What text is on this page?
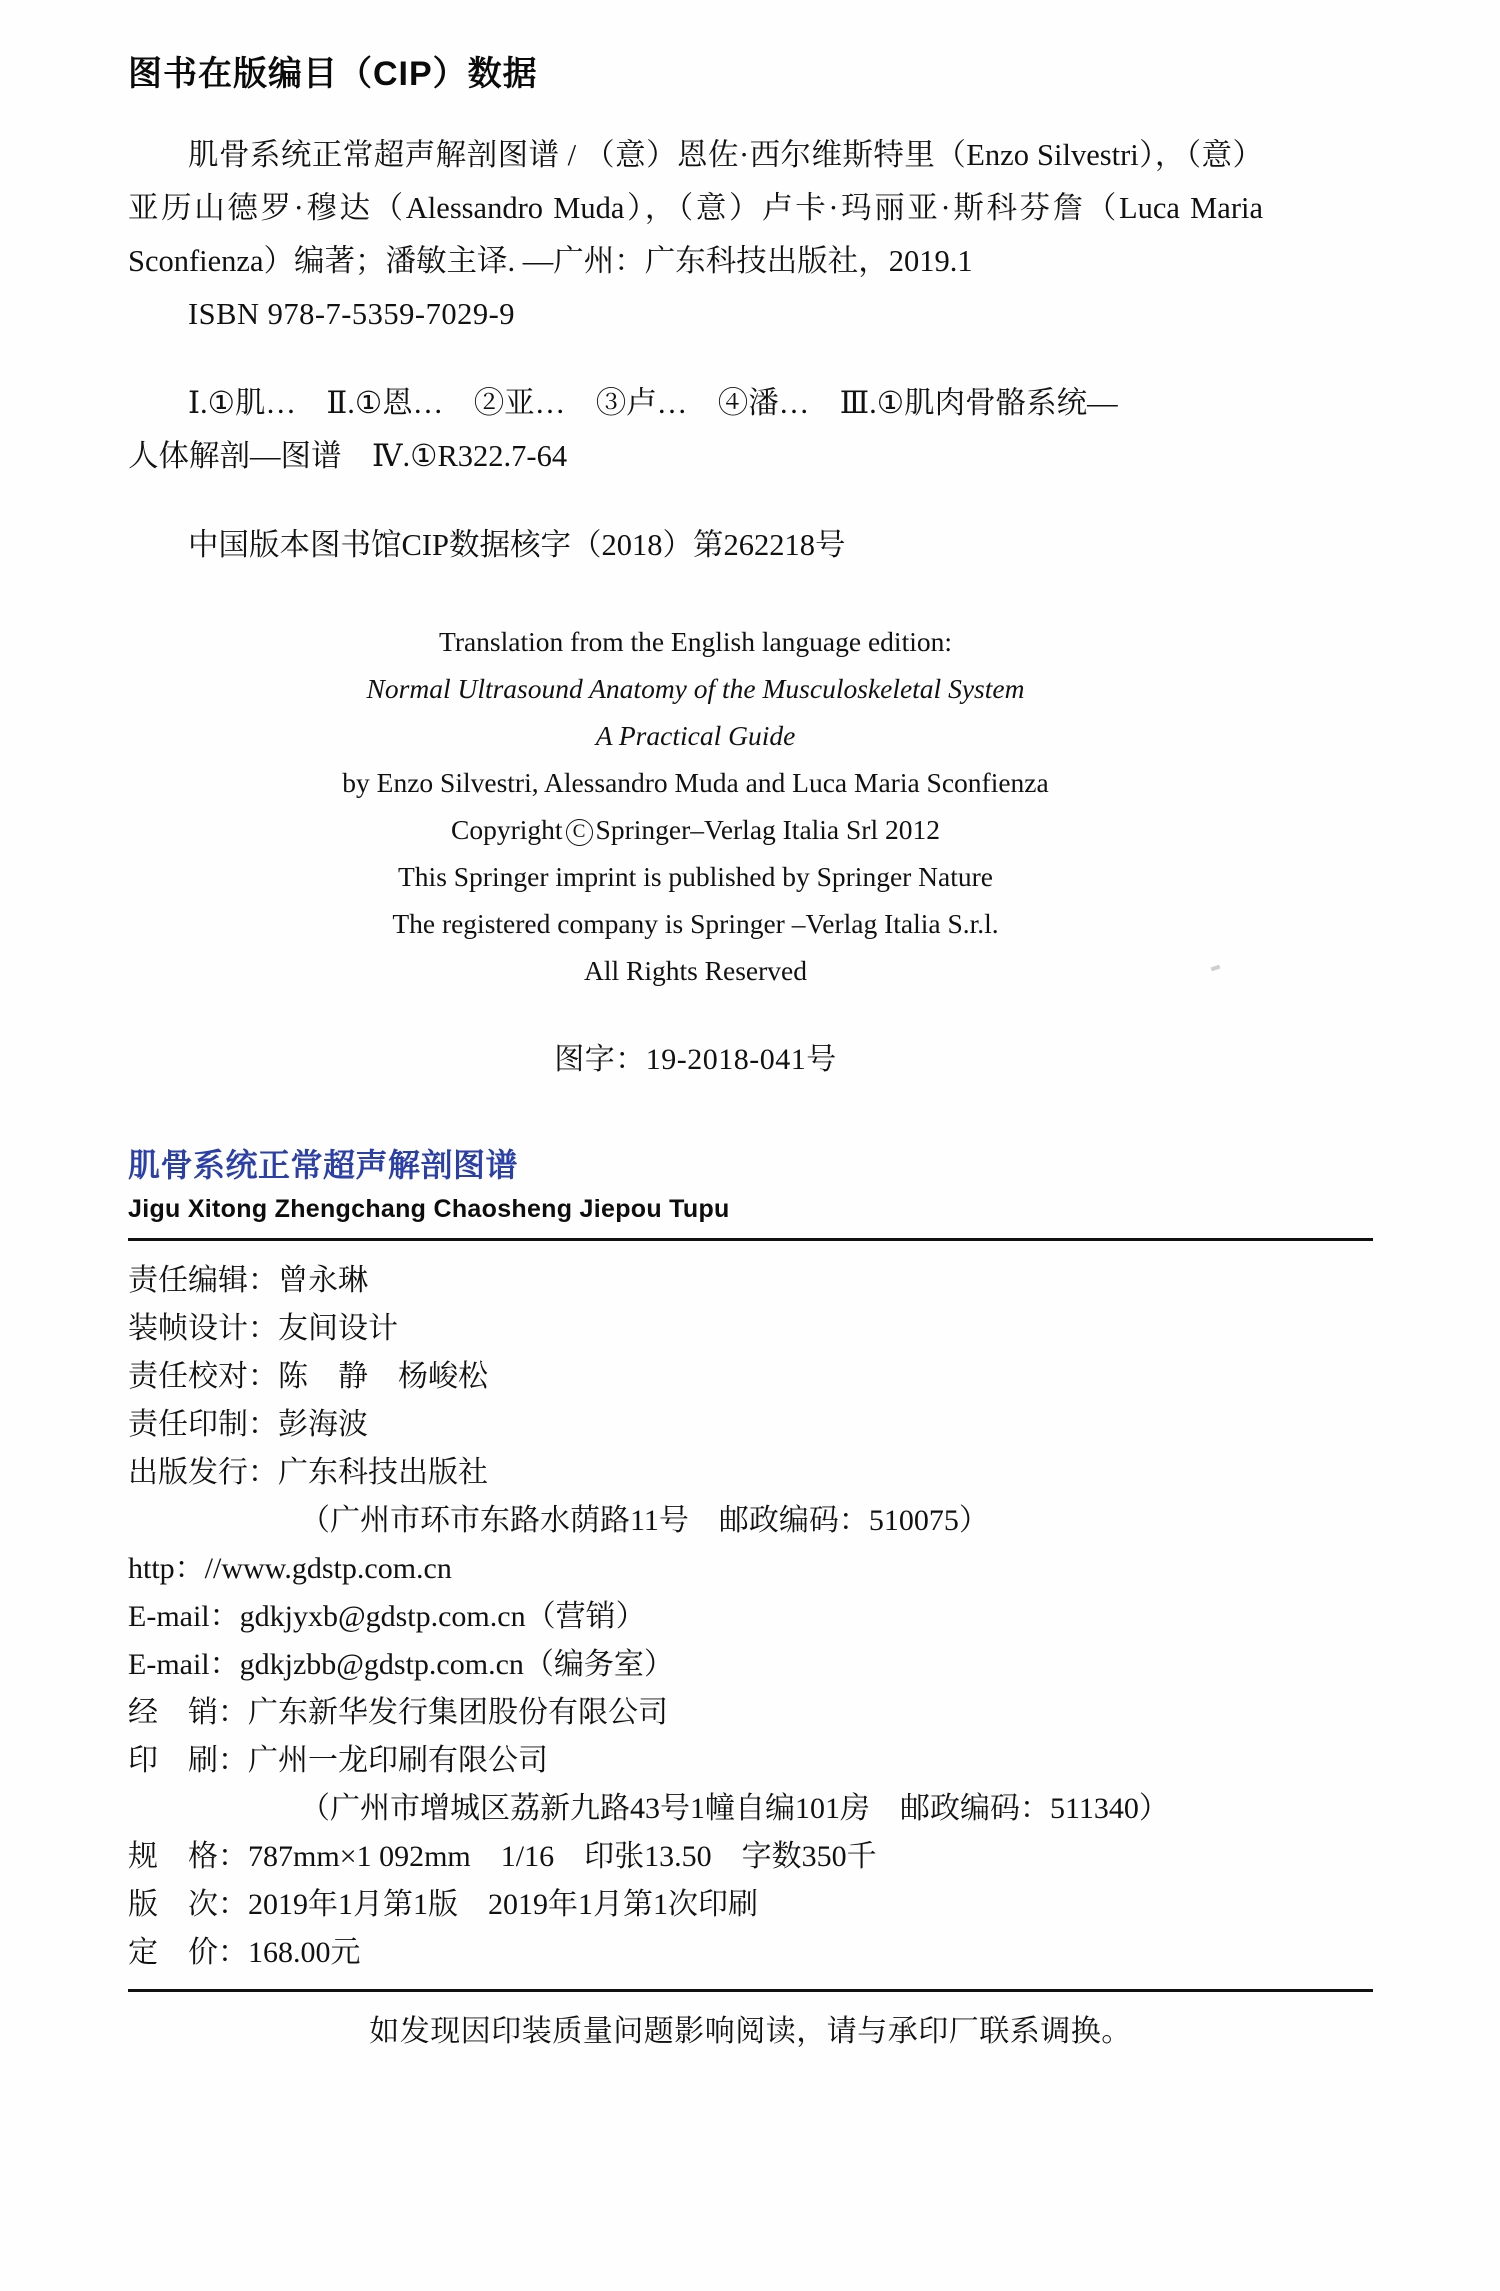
图书在版编目（CIP）数据

肌骨系统正常超声解剖图谱 / （意）恩佐·西尔维斯特里（Enzo Silvestri），（意）亚历山德罗·穆达（Alessandro Muda），（意）卢卡·玛丽亚·斯科芬詹（Luca Maria Sconfienza）编著；潘敏主译. —广州：广东科技出版社，2019.1

ISBN 978-7-5359-7029-9

Ⅰ.①肌…　Ⅱ.①恩…　②亚…　③卢…　④潘…　Ⅲ.①肌肉骨骼系统—

人体解剖—图谱　Ⅳ.①R322.7-64

中国版本图书馆CIP数据核字（2018）第262218号

Translation from the English language edition:
Normal Ultrasound Anatomy of the Musculoskeletal System
A Practical Guide
by Enzo Silvestri, Alessandro Muda and Luca Maria Sconfienza
Copyright C Springer–Verlag Italia Srl 2012
This Springer imprint is published by Springer Nature
The registered company is Springer –Verlag Italia S.r.l.
All Rights Reserved
图字：19-2018-041号
肌骨系统正常超声解剖图谱
Jigu Xitong Zhengchang Chaosheng Jiepou Tupu
责任编辑：曾永琳
装帧设计：友间设计
责任校对：陈　静　杨峻松
责任印制：彭海波
出版发行：广东科技出版社
（广州市环市东路水荫路11号　邮政编码：510075）
http：//www.gdstp.com.cn
E-mail：gdkjyxb@gdstp.com.cn（营销）
E-mail：gdkjzbb@gdstp.com.cn（编务室）
经　销：广东新华发行集团股份有限公司
印　刷：广州一龙印刷有限公司
（广州市增城区荔新九路43号1幢自编101房　邮政编码：511340）
规　格：787mm×1 092mm　1/16　印张13.50　字数350千
版　次：2019年1月第1版　2019年1月第1次印刷
定　价：168.00元
如发现因印装质量问题影响阅读，请与承印厂联系调换。
